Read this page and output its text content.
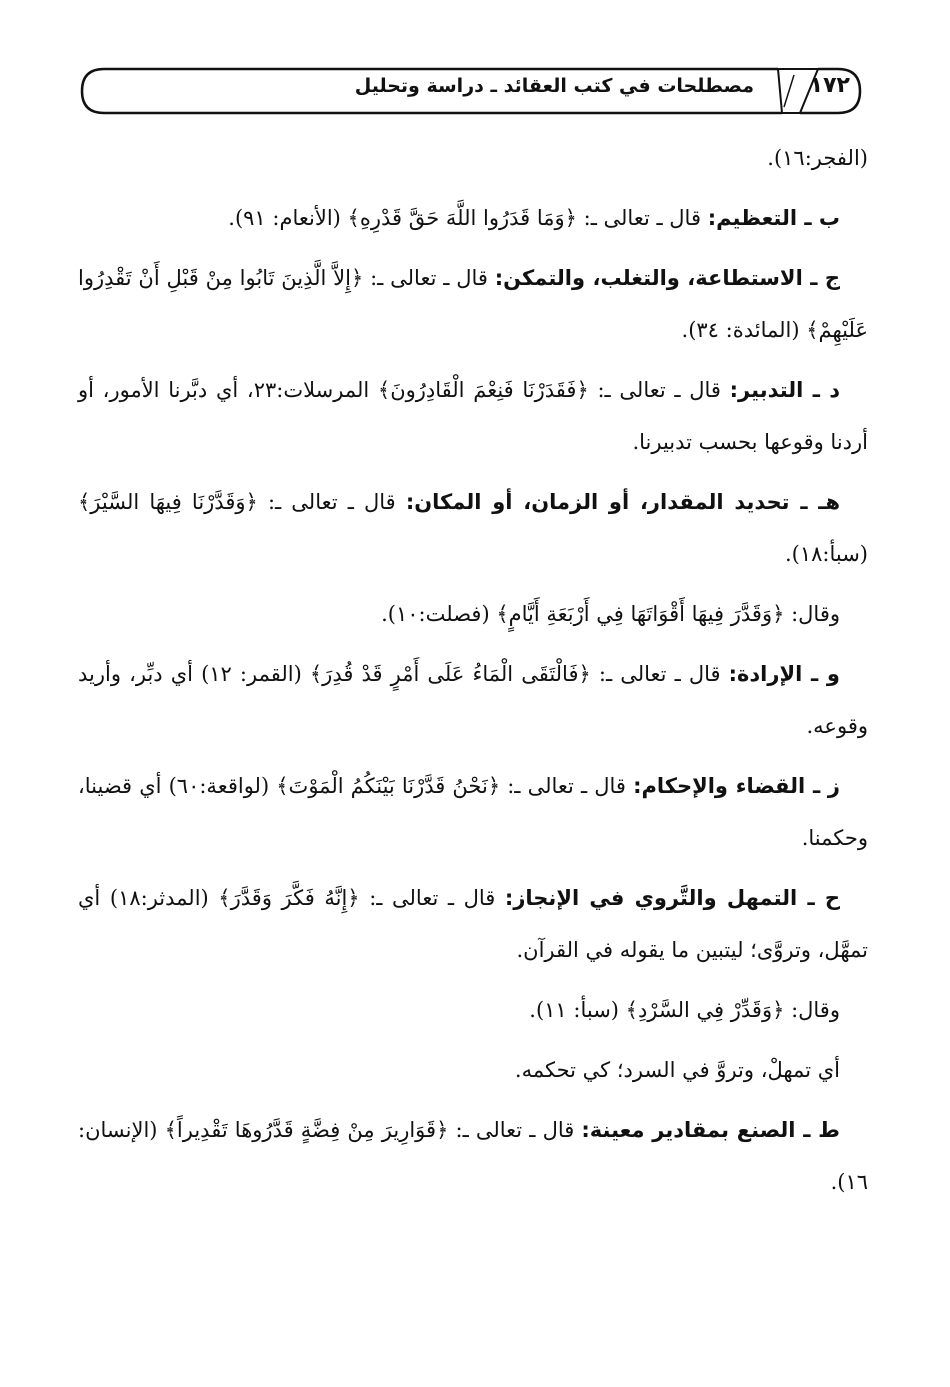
١٧٢
مصطلحات في كتب العقائد ـ دراسة وتحليل

(الفجر:١٦).

ب ـ التعظيم: قال ـ تعالى ـ: ﴿وَمَا قَدَرُوا اللَّهَ حَقَّ قَدْرِهِ﴾ (الأنعام: ٩١).

ج ـ الاستطاعة، والتغلب، والتمكن: قال ـ تعالى ـ: ﴿إِلاَّ الَّذِينَ تَابُوا مِنْ قَبْلِ أَنْ تَقْدِرُوا عَلَيْهِمْ﴾ (المائدة: ٣٤).

د ـ التدبير: قال ـ تعالى ـ: ﴿فَقَدَرْنَا فَنِعْمَ الْقَادِرُونَ﴾ المرسلات:٢٣، أي دبَّرنا الأمور، أو أردنا وقوعها بحسب تدبيرنا.

هـ ـ تحديد المقدار، أو الزمان، أو المكان: قال ـ تعالى ـ: ﴿وَقَدَّرْنَا فِيهَا السَّيْرَ﴾ (سبأ:١٨).

وقال: ﴿وَقَدَّرَ فِيهَا أَقْوَاتَهَا فِي أَرْبَعَةِ أَيَّامٍ﴾ (فصلت:١٠).

و ـ الإرادة: قال ـ تعالى ـ: ﴿فَالْتَقَى الْمَاءُ عَلَى أَمْرٍ قَدْ قُدِرَ﴾ (القمر: ١٢) أي دبِّر، وأريد وقوعه.

ز ـ القضاء والإحكام: قال ـ تعالى ـ: ﴿نَحْنُ قَدَّرْنَا بَيْنَكُمُ الْمَوْتَ﴾ (لواقعة:٦٠) أي قضينا، وحكمنا.

ح ـ التمهل والتَّروي في الإنجاز: قال ـ تعالى ـ: ﴿إِنَّهُ فَكَّرَ وَقَدَّرَ﴾ (المدثر:١٨) أي تمهَّل، وتروَّى؛ ليتبين ما يقوله في القرآن.

وقال: ﴿وَقَدِّرْ فِي السَّرْدِ﴾ (سبأ: ١١).

أي تمهلْ، وتروَّ في السرد؛ كي تحكمه.

ط ـ الصنع بمقادير معينة: قال ـ تعالى ـ: ﴿قَوَارِيرَ مِنْ فِضَّةٍ قَدَّرُوهَا تَقْدِيراً﴾ (الإنسان: ١٦).
